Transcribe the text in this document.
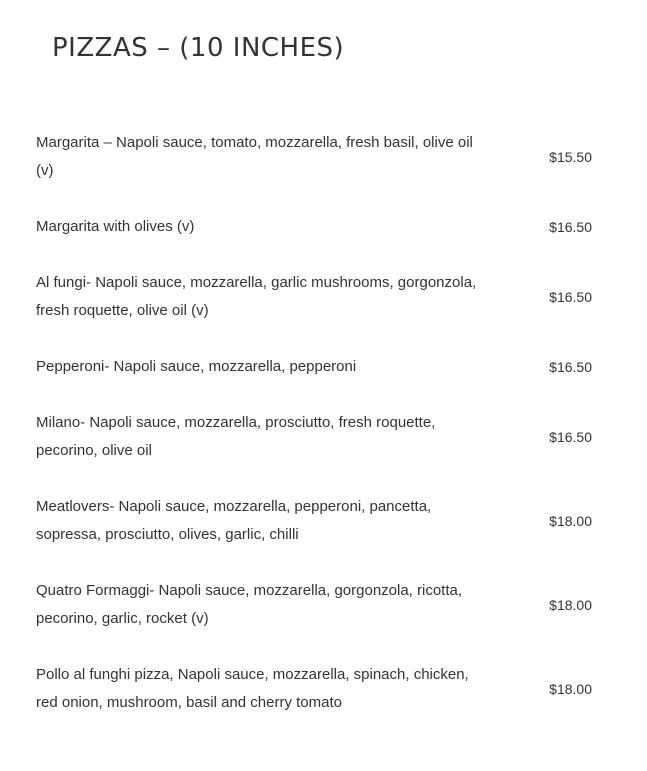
PIZZAS – (10 INCHES)
Margarita – Napoli sauce, tomato, mozzarella, fresh basil, olive oil (v)
$15.50
Margarita with olives (v)	$16.50
Al fungi- Napoli sauce, mozzarella, garlic mushrooms, gorgonzola, fresh roquette, olive oil (v)
$16.50
Pepperoni- Napoli sauce, mozzarella, pepperoni	$16.50
Milano- Napoli sauce, mozzarella, prosciutto, fresh roquette, pecorino, olive oil
$16.50
Meatlovers- Napoli sauce, mozzarella, pepperoni, pancetta, sopressa, prosciutto, olives, garlic, chilli
$18.00
Quatro Formaggi- Napoli sauce, mozzarella, gorgonzola, ricotta, pecorino, garlic, rocket (v)
$18.00
Pollo al funghi pizza, Napoli sauce, mozzarella, spinach, chicken, red onion, mushroom, basil and cherry tomato
$18.00
